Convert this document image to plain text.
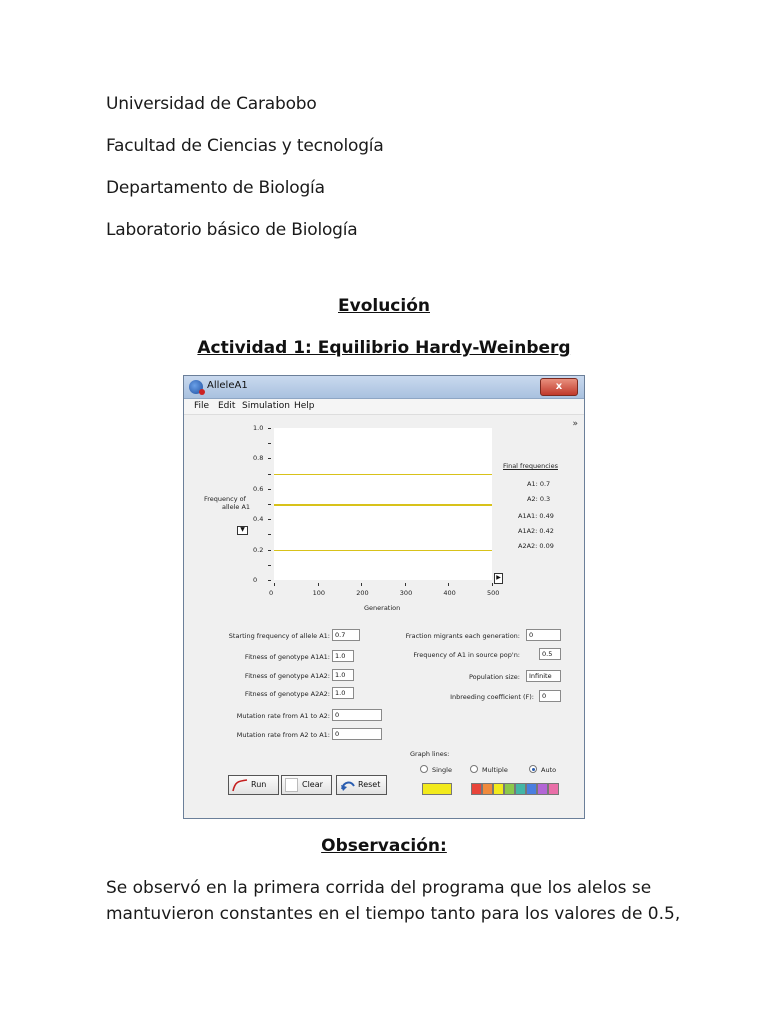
Universidad de Carabobo
Facultad de Ciencias y tecnología
Departamento de Biología
Laboratorio básico de Biología
Evolución
Actividad 1: Equilibrio Hardy-Weinberg
AlleleA1	x
File Edit Simulation Help
»
Frequency of
allele A1
▼
▶
Generation
Final frequencies
A1: 0.7
A2: 0.3
A1A1: 0.49
A1A2: 0.42
A2A2: 0.09
Starting frequency of allele A1: 0.7
Fitness of genotype A1A1: 1.0
Fitness of genotype A1A2: 1.0
Fitness of genotype A2A2: 1.0
Mutation rate from A1 to A2: 0
Mutation rate from A2 to A1: 0
Fraction migrants each generation:	0
Frequency of A1 in source pop'n:	0.5
Population size:	Infinite
Inbreeding coefficient (F):	0
Graph lines:
Single	Multiple	Auto
Run	Clear	Reset
0
0.2
0.4
0.6
0.8
1.0
0	100	200	300	400	500
Observación:
Se observó en la primera corrida del programa que los alelos se mantuvieron constantes en el tiempo tanto para los valores de 0.5,
